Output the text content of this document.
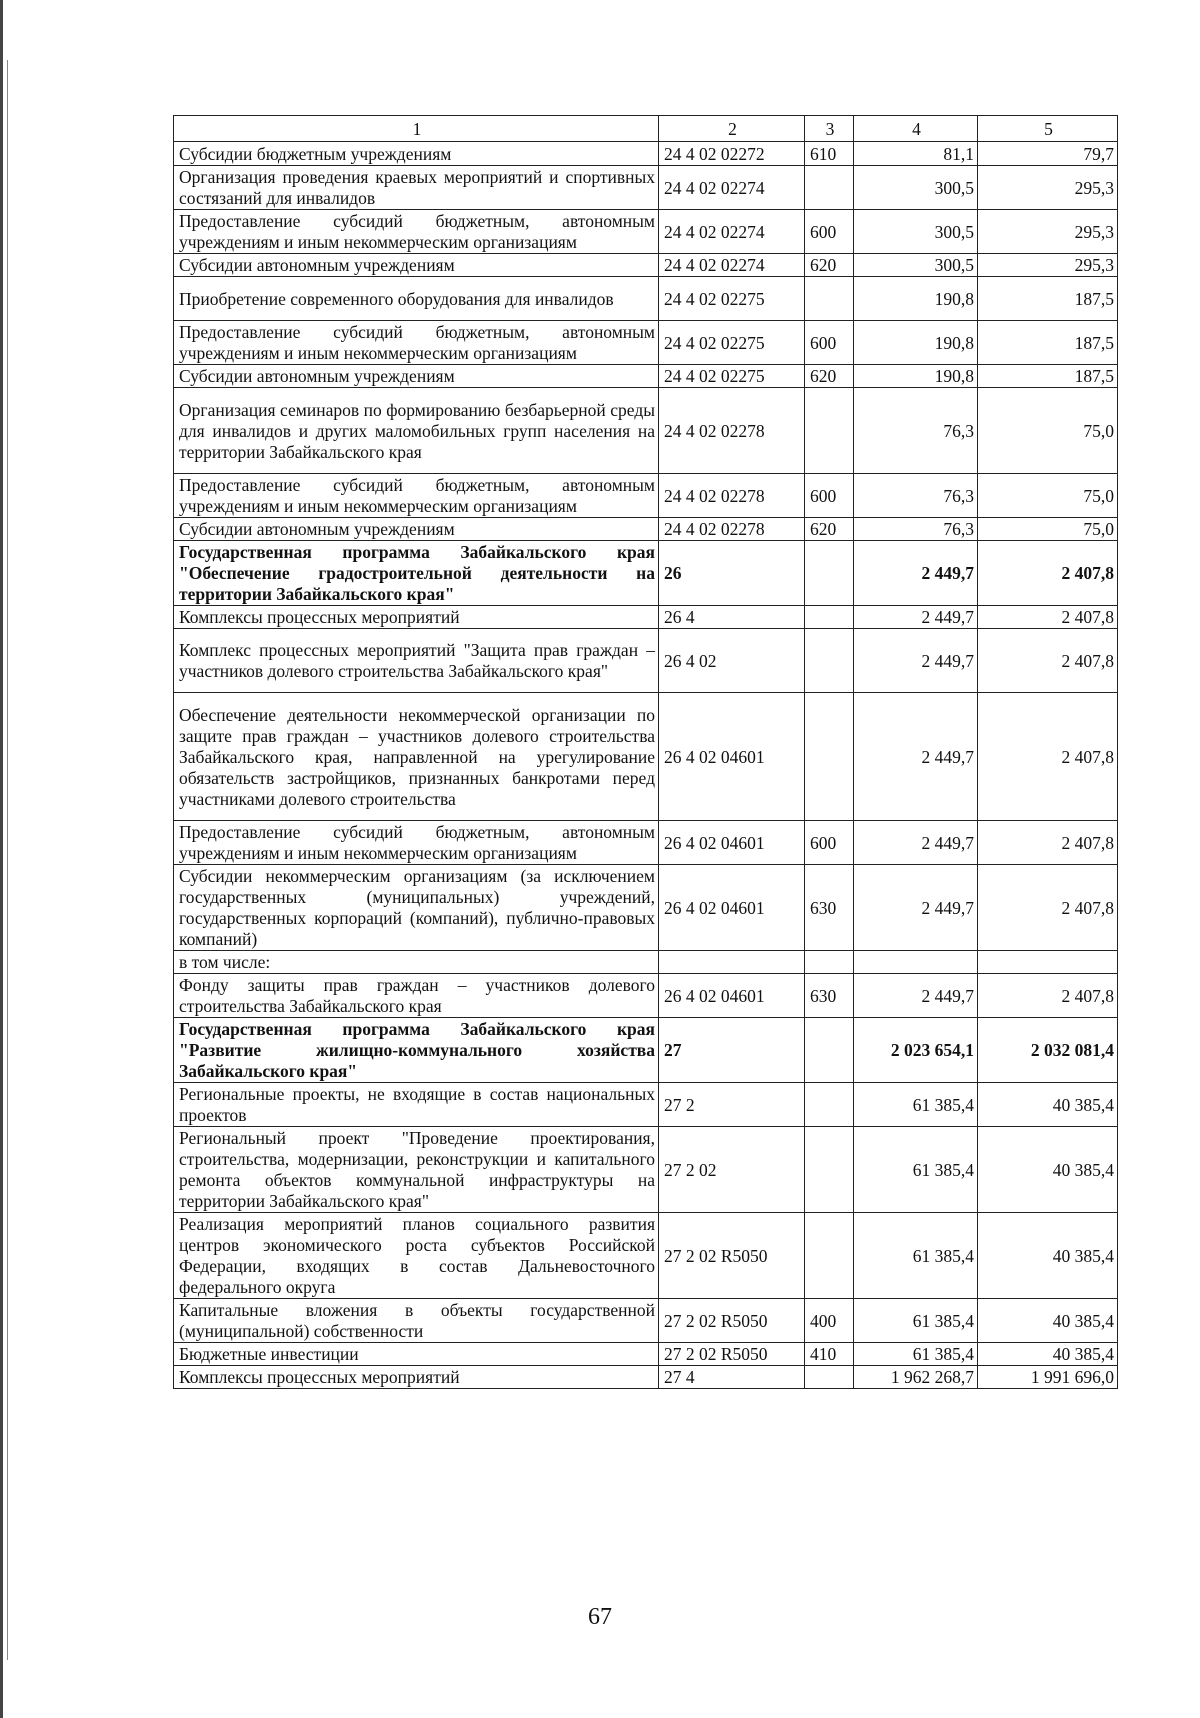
1	2	3	4	5
Субсидии бюджетным учреждениям	24 4 02 02272	610	81,1	79,7
Организация проведения краевых мероприятий и спортивных состязаний для инвалидов	24 4 02 02274		300,5	295,3
Предоставление субсидий бюджетным, автономным учреждениям и иным некоммерческим организациям	24 4 02 02274	600	300,5	295,3
Субсидии автономным учреждениям	24 4 02 02274	620	300,5	295,3
Приобретение современного оборудования для инвалидов	24 4 02 02275		190,8	187,5
Предоставление субсидий бюджетным, автономным учреждениям и иным некоммерческим организациям	24 4 02 02275	600	190,8	187,5
Субсидии автономным учреждениям	24 4 02 02275	620	190,8	187,5
Организация семинаров по формированию безбарьерной среды для инвалидов и других маломобильных групп населения на территории Забайкальского края	24 4 02 02278		76,3	75,0
Предоставление субсидий бюджетным, автономным учреждениям и иным некоммерческим организациям	24 4 02 02278	600	76,3	75,0
Субсидии автономным учреждениям	24 4 02 02278	620	76,3	75,0
Государственная программа Забайкальского края "Обеспечение градостроительной деятельности на территории Забайкальского края"	26		2 449,7	2 407,8
Комплексы процессных мероприятий	26 4		2 449,7	2 407,8
Комплекс процессных мероприятий "Защита прав граждан – участников долевого строительства Забайкальского края"	26 4 02		2 449,7	2 407,8
Обеспечение деятельности некоммерческой организации по защите прав граждан – участников долевого строительства Забайкальского края, направленной на урегулирование обязательств застройщиков, признанных банкротами перед участниками долевого строительства	26 4 02 04601		2 449,7	2 407,8
Предоставление субсидий бюджетным, автономным учреждениям и иным некоммерческим организациям	26 4 02 04601	600	2 449,7	2 407,8
Субсидии некоммерческим организациям (за исключением государственных (муниципальных) учреждений, государственных корпораций (компаний), публично-правовых компаний)	26 4 02 04601	630	2 449,7	2 407,8
в том числе:				
Фонду защиты прав граждан – участников долевого строительства Забайкальского края	26 4 02 04601	630	2 449,7	2 407,8
Государственная программа Забайкальского края "Развитие жилищно-коммунального хозяйства Забайкальского края"	27		2 023 654,1	2 032 081,4
Региональные проекты, не входящие в состав национальных проектов	27 2		61 385,4	40 385,4
Региональный проект "Проведение проектирования, строительства, модернизации, реконструкции и капитального ремонта объектов коммунальной инфраструктуры на территории Забайкальского края"	27 2 02		61 385,4	40 385,4
Реализация мероприятий планов социального развития центров экономического роста субъектов Российской Федерации, входящих в состав Дальневосточного федерального округа	27 2 02 R5050		61 385,4	40 385,4
Капитальные вложения в объекты государственной (муниципальной) собственности	27 2 02 R5050	400	61 385,4	40 385,4
Бюджетные инвестиции	27 2 02 R5050	410	61 385,4	40 385,4
Комплексы процессных мероприятий	27 4		1 962 268,7	1 991 696,0
67
